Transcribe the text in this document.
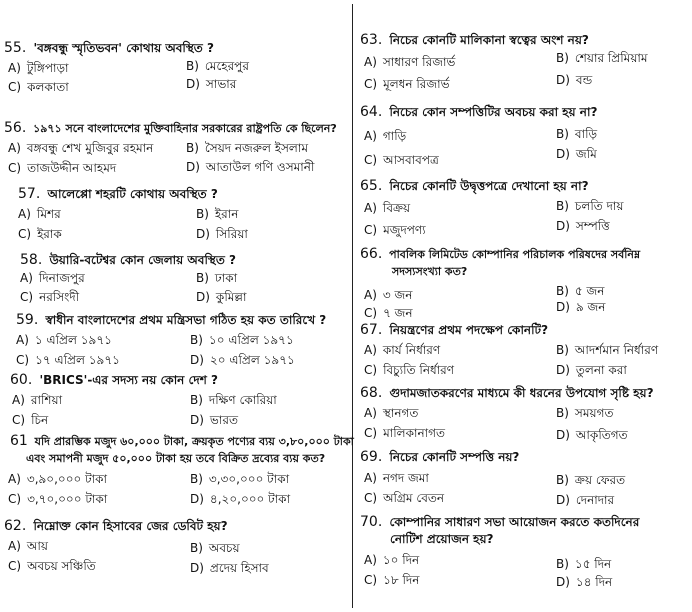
55. 'বঙ্গবন্ধু স্মৃতিভবন' কোথায় অবস্থিত ?
A) টুঙ্গিপাড়া	B) মেহেরপুর
C) কলকাতা	D) সাভার
56. ১৯৭১ সনে বাংলাদেশের মুক্তিবাহিনার সরকারের রাষ্ট্রপতি কে ছিলেন?
A) বঙ্গবন্ধু শেখ মুজিবুর রহমান	B) সৈয়দ নজরুল ইসলাম
C) তাজউদ্দীন আহমদ	D) আতাউল গণি ওসমানী
57. আলেপ্পো শহরটি কোথায় অবস্থিত ?
A) মিশর	B) ইরান
C) ইরাক	D) সিরিয়া
58. উয়ারি-বটেশ্বর কোন জেলায় অবস্থিত ?
A) দিনাজপুর	B) ঢাকা
C) নরসিংদী	D) কুমিল্লা
59. স্বাধীন বাংলাদেশের প্রথম মন্ত্রিসভা গঠিত হয় কত তারিখে ?
A) ১ এপ্রিল ১৯৭১	B) ১০ এপ্রিল ১৯৭১
C) ১৭ এপ্রিল ১৯৭১	D) ২০ এপ্রিল ১৯৭১
60. 'BRICS'-এর সদস্য নয় কোন দেশ ?
A) রাশিয়া	B) দক্ষিণ কোরিয়া
C) চিন	D) ভারত
61 যদি প্রারম্ভিক মজুদ ৬০,০০০ টাকা, ক্রয়কৃত পণ্যের ব্যয় ৩,৮০,০০০ টাকা
এবং সমাপনী মজুদ ৫০,০০০ টাকা হয় তবে বিক্রিত দ্রব্যের ব্যয় কত?
A) ৩,৯০,০০০ টাকা	B) ৩,৩০,০০০ টাকা
C) ৩,৭০,০০০ টাকা	D) ৪,২০,০০০ টাকা
62. নিম্নোক্ত কোন হিসাবের জের ডেবিট হয়?
A) আয়	B) অবচয়
C) অবচয় সঞ্চিতি	D) প্রদেয় হিসাব
63. নিচের কোনটি মালিকানা স্বত্বের অংশ নয়?
A) সাধারণ রিজার্ভ	B) শেয়ার প্রিমিয়াম
C) মূলধন রিজার্ভ	D) বন্ড
64. নিচের কোন সম্পত্তিটির অবচয় করা হয় না?
A) গাড়ি	B) বাড়ি
C) আসবাবপত্র	D) জমি
65. নিচের কোনটি উদ্বৃত্তপত্রে দেখানো হয় না?
A) বিক্রয়	B) চলতি দায়
C) মজুদপণ্য	D) সম্পত্তি
66. পাবলিক লিমিটেড কোম্পানির পরিচালক পরিষদের সর্বনিম্ন
সদস্যসংখ্যা কত?
A) ৩ জন	B) ৫ জন
C) ৭ জন	D) ৯ জন
67. নিয়ন্ত্রণের প্রথম পদক্ষেপ কোনটি?
A) কার্য নির্ধারণ	B) আদর্শমান নির্ধারণ
C) বিচ্যুতি নির্ধারণ	D) তুলনা করা
68. গুদামজাতকরণের মাধ্যমে কী ধরনের উপযোগ সৃষ্টি হয়?
A) স্থানগত	B) সময়গত
C) মালিকানাগত	D) আকৃতিগত
69. নিচের কোনটি সম্পত্তি নয়?
A) নগদ জমা	B) ক্রয় ফেরত
C) অগ্রিম বেতন	D) দেনাদার
70. কোম্পানির সাধারণ সভা আয়োজন করতে কতদিনের
নোটিশ প্রয়োজন হয়?
A) ১০ দিন	B) ১৫ দিন
C) ১৮ দিন	D) ১৪ দিন
